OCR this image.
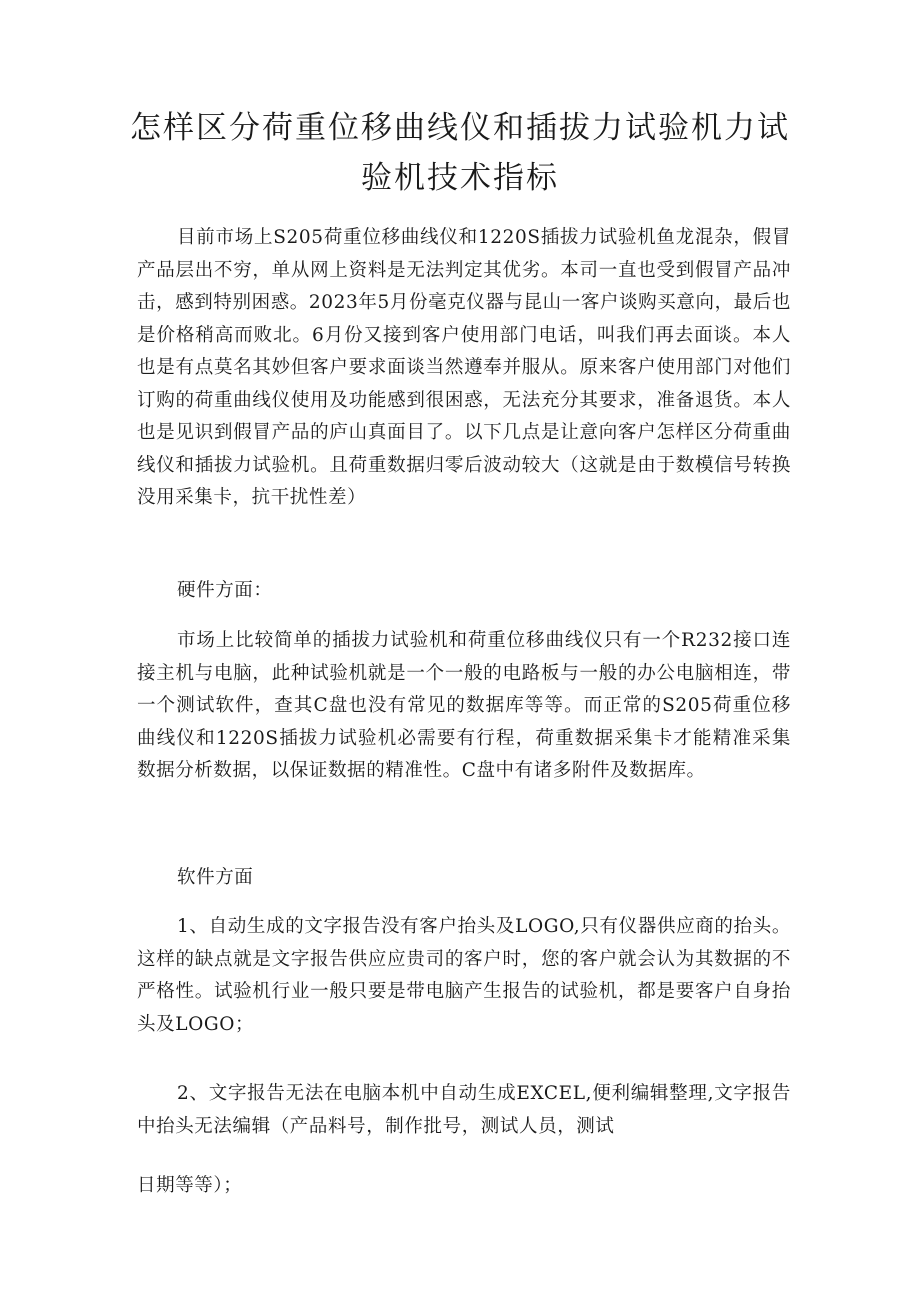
怎样区分荷重位移曲线仪和插拔力试验机力试验机技术指标

目前市场上S205荷重位移曲线仪和1220S插拔力试验机鱼龙混杂，假冒产品层出不穷，单从网上资料是无法判定其优劣。本司一直也受到假冒产品冲击，感到特别困惑。2023年5月份毫克仪器与昆山一客户谈购买意向，最后也是价格稍高而败北。6月份又接到客户使用部门电话，叫我们再去面谈。本人也是有点莫名其妙但客户要求面谈当然遵奉并服从。原来客户使用部门对他们订购的荷重曲线仪使用及功能感到很困惑，无法充分其要求，准备退货。本人也是见识到假冒产品的庐山真面目了。以下几点是让意向客户怎样区分荷重曲线仪和插拔力试验机。且荷重数据归零后波动较大（这就是由于数模信号转换没用采集卡，抗干扰性差）

硬件方面：

市场上比较简单的插拔力试验机和荷重位移曲线仪只有一个R232接口连接主机与电脑，此种试验机就是一个一般的电路板与一般的办公电脑相连，带一个测试软件，查其C盘也没有常见的数据库等等。而正常的S205荷重位移曲线仪和1220S插拔力试验机必需要有行程，荷重数据采集卡才能精准采集数据分析数据，以保证数据的精准性。C盘中有诸多附件及数据库。

软件方面

1、自动生成的文字报告没有客户抬头及LOGO,只有仪器供应商的抬头。这样的缺点就是文字报告供应应贵司的客户时，您的客户就会认为其数据的不严格性。试验机行业一般只要是带电脑产生报告的试验机，都是要客户自身抬头及LOGO；

2、文字报告无法在电脑本机中自动生成EXCEL,便利编辑整理,文字报告中抬头无法编辑（产品料号，制作批号，测试人员，测试

日期等等）；
